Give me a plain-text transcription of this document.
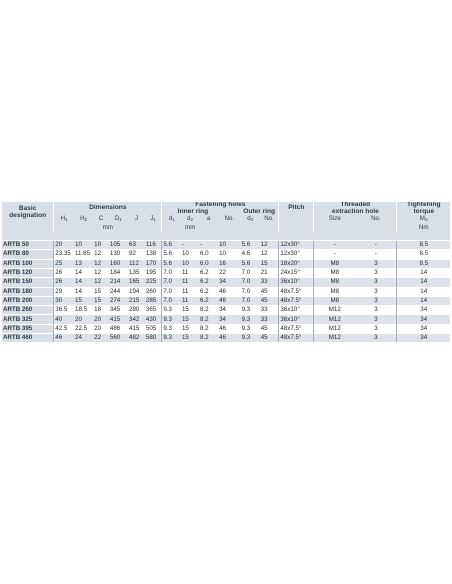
Basic
designation	Dimensions						Fastening holes
Inner ring Outer ring						Pitch	Threaded
extraction hole		Tightening
torque
	$H_1$	$H_2$	C	$D_1$	J	$J_1$	$d_1$	$d_2$	a	No.	$d_3$	No.		Size	No.	$M_A$
	mm						mm									Nm

ARTB 50	20	10	10	105	63	116	5.6	-	-	10	5.6	12	12x30°	-	-	8.5
ARTB 80	23.35	11.65	12	130	92	138	5.6	10	6.0	10	4.6	12	12x30°	-	-	8.5
ARTB 100	25	13	12	160	112	170	5.6	10	6.0	16	5.6	15	18x20°	M8	3	8.5
ARTB 120	26	14	12	184	135	195	7.0	11	6.2	22	7.0	21	24x15°	M8	3	14
ARTB 150	26	14	12	214	165	225	7.0	11	6.2	34	7.0	33	36x10°	M8	3	14
ARTB 180	29	14	15	244	194	260	7.0	11	6.2	46	7.0	45	48x7.5°	M8	3	14
ARTB 200	30	15	15	274	215	285	7.0	11	6.2	46	7.0	45	48x7.5°	M8	3	14
ARTB 260	36.5	18.5	18	345	280	365	9.3	15	8.2	34	9.3	33	36x10°	M12	3	34
ARTB 325	40	20	20	415	342	430	9.3	15	8.2	34	9.3	33	36x10°	M12	3	34
ARTB 395	42.5	22.5	20	486	415	505	9.3	15	8.2	46	9.3	45	48x7.5°	M12	3	34
ARTB 460	46	24	22	560	482	580	9.3	15	8.2	46	9.3	45	48x7.5°	M12	3	34
